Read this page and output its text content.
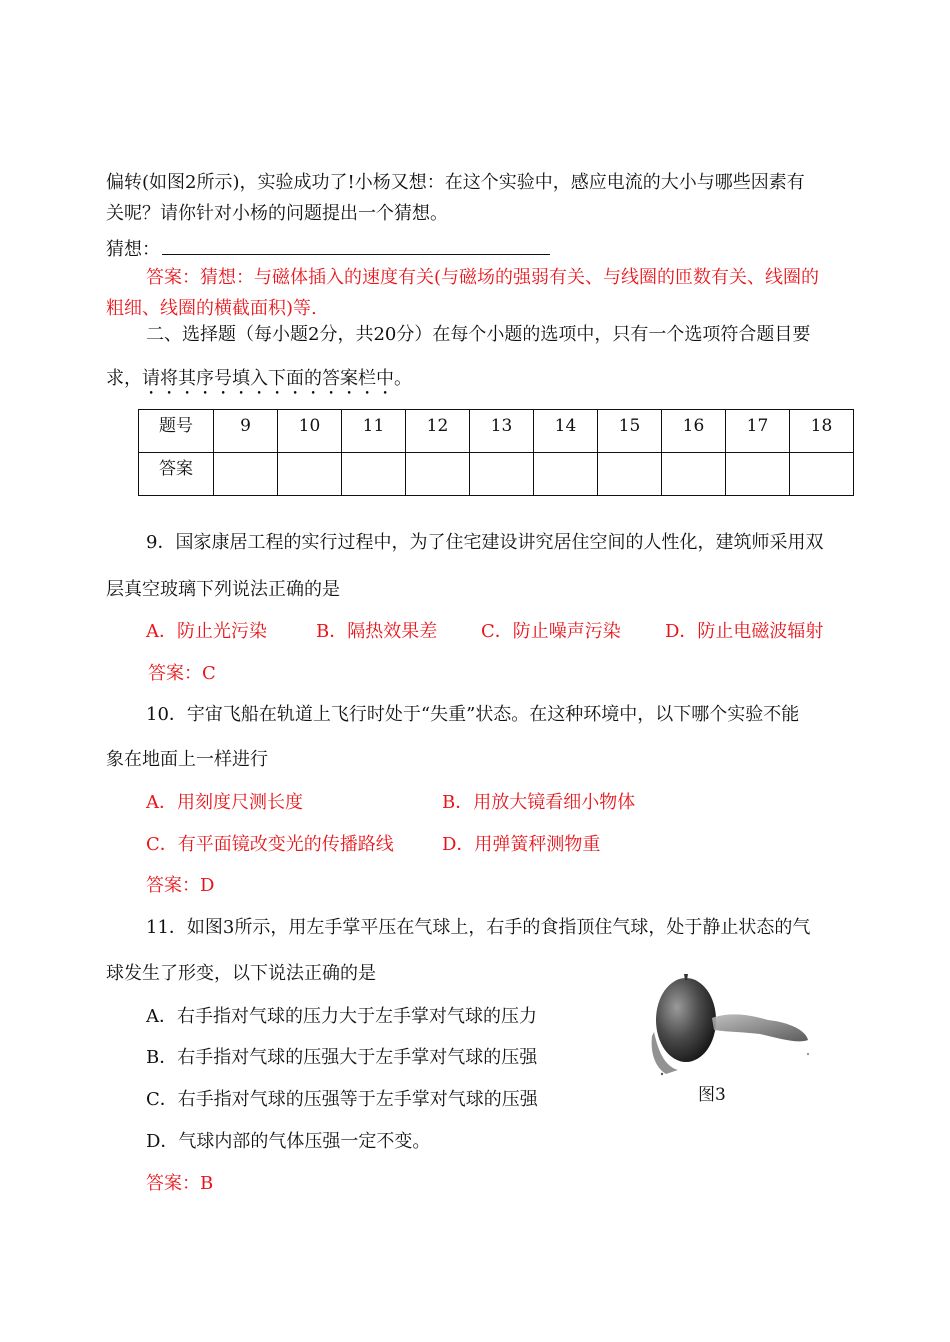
偏转(如图2所示)，实验成功了!小杨又想：在这个实验中，感应电流的大小与哪些因素有
关呢？请你针对小杨的问题提出一个猜想。
猜想：
答案：猜想：与磁体插入的速度有关(与磁场的强弱有关、与线圈的匝数有关、线圈的
粗细、线圈的横截面积)等.
二、选择题（每小题2分，共20分）在每个小题的选项中，只有一个选项符合题目要
求，请将其序号填入下面的答案栏中。
题号	9	10	11	12	13	14	15	16	17	18
答案										
9．国家康居工程的实行过程中，为了住宅建设讲究居住空间的人性化，建筑师采用双
层真空玻璃下列说法正确的是
A．防止光污染	B．隔热效果差 C．防止噪声污染 D．防止电磁波辐射
答案：C
10．宇宙飞船在轨道上飞行时处于“失重”状态。在这种环境中，以下哪个实验不能
象在地面上一样进行
A．用刻度尺测长度	B．用放大镜看细小物体
C．有平面镜改变光的传播路线	D．用弹簧秤测物重
答案：D
11．如图3所示，用左手掌平压在气球上，右手的食指顶住气球，处于静止状态的气
球发生了形变，以下说法正确的是
A．右手指对气球的压力大于左手掌对气球的压力
B．右手指对气球的压强大于左手掌对气球的压强
C．右手指对气球的压强等于左手掌对气球的压强
D．气球内部的气体压强一定不变。
答案：B
图3
